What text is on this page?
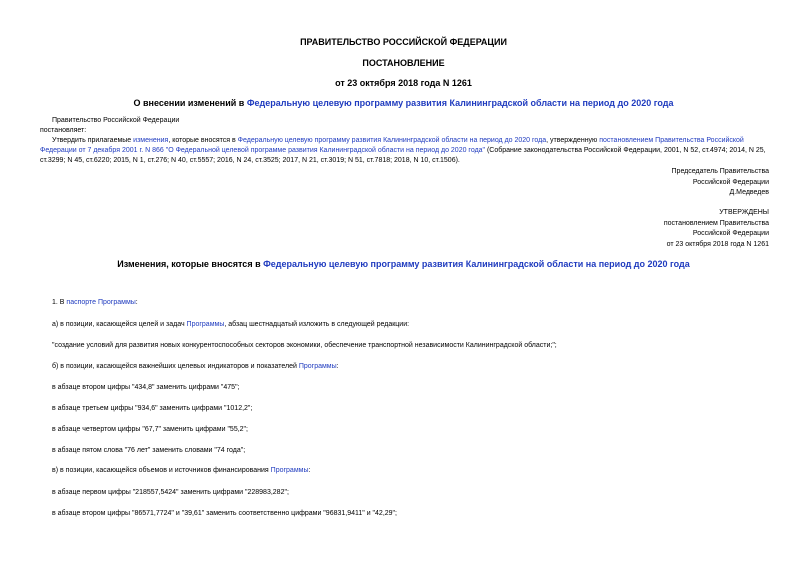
ПРАВИТЕЛЬСТВО РОССИЙСКОЙ ФЕДЕРАЦИИ
ПОСТАНОВЛЕНИЕ
от 23 октября 2018 года N 1261
О внесении изменений в Федеральную целевую программу развития Калининградской области на период до 2020 года
Правительство Российской Федерации
постановляет:
Утвердить прилагаемые изменения, которые вносятся в Федеральную целевую программу развития Калининградской области на период до 2020 года, утвержденную постановлением Правительства Российской Федерации от 7 декабря 2001 г. N 866 "О Федеральной целевой программе развития Калининградской области на период до 2020 года" (Собрание законодательства Российской Федерации, 2001, N 52, ст.4974; 2014, N 25, ст.3299; N 45, ст.6220; 2015, N 1, ст.276; N 40, ст.5557; 2016, N 24, ст.3525; 2017, N 21, ст.3019; N 51, ст.7818; 2018, N 10, ст.1506).
Председатель Правительства
Российской Федерации
Д.Медведев
УТВЕРЖДЕНЫ
постановлением Правительства
Российской Федерации
от 23 октября 2018 года N 1261
Изменения, которые вносятся в Федеральную целевую программу развития Калининградской области на период до 2020 года
1. В паспорте Программы:
а) в позиции, касающейся целей и задач Программы, абзац шестнадцатый изложить в следующей редакции:
"создание условий для развития новых конкурентоспособных секторов экономики, обеспечение транспортной независимости Калининградской области;";
б) в позиции, касающейся важнейших целевых индикаторов и показателей Программы:
в абзаце втором цифры "434,8" заменить цифрами "475";
в абзаце третьем цифры "934,6" заменить цифрами "1012,2";
в абзаце четвертом цифры "67,7" заменить цифрами "55,2";
в абзаце пятом слова "76 лет" заменить словами "74 года";
в) в позиции, касающейся объемов и источников финансирования Программы:
в абзаце первом цифры "218557,5424" заменить цифрами "228983,282";
в абзаце втором цифры "86571,7724" и "39,61" заменить соответственно цифрами "96831,9411" и "42,29";
